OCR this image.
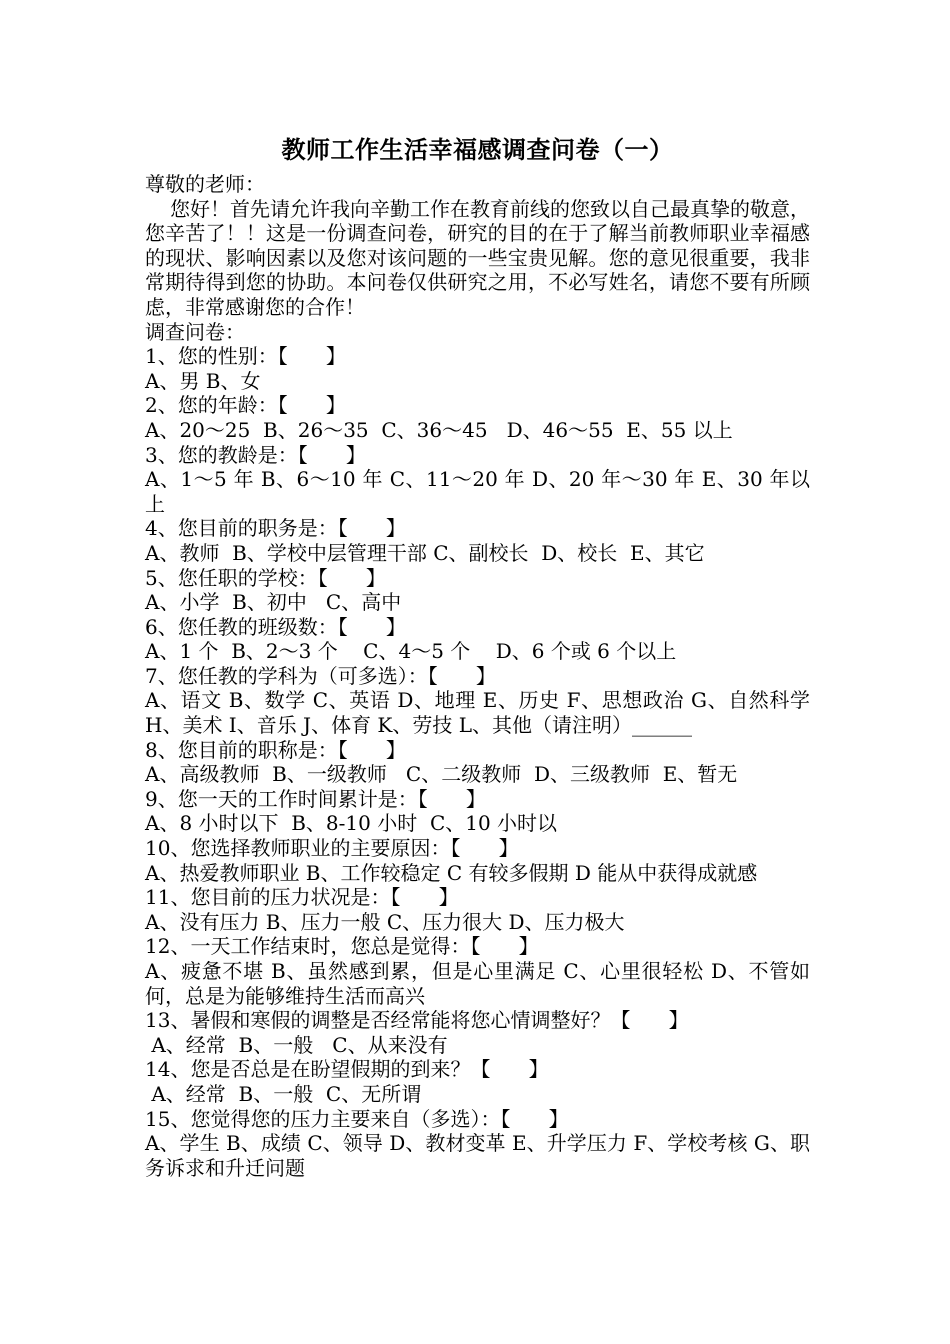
教师工作生活幸福感调查问卷（一）
尊敬的老师：
您好！首先请允许我向辛勤工作在教育前线的您致以自己最真挚的敬意，您辛苦了！！这是一份调查问卷，研究的目的在于了解当前教师职业幸福感的现状、影响因素以及您对该问题的一些宝贵见解。您的意见很重要，我非常期待得到您的协助。本问卷仅供研究之用，不必写姓名，请您不要有所顾虑，非常感谢您的合作！
调查问卷：
1、您的性别：【      】
A、男 B、女
2、您的年龄：【      】
A、20～25  B、26～35  C、36～45   D、46～55  E、55 以上
3、您的教龄是：【      】
A、1～5 年 B、6～10 年 C、11～20 年 D、20 年～30 年 E、30 年以上
4、您目前的职务是：【      】
A、教师  B、学校中层管理干部 C、副校长  D、校长  E、其它
5、您任职的学校：【      】
A、小学  B、初中   C、高中
6、您任教的班级数：【      】
A、1 个  B、2～3 个    C、4～5 个    D、6 个或 6 个以上
7、您任教的学科为（可多选）：【      】
A、语文 B、数学 C、英语 D、地理 E、历史 F、思想政治 G、自然科学 H、美术 I、音乐 J、体育 K、劳技 L、其他（请注明）______
8、您目前的职称是：【      】
A、高级教师  B、一级教师   C、二级教师  D、三级教师  E、暂无
9、您一天的工作时间累计是：【      】
A、8 小时以下  B、8-10 小时  C、10 小时以
10、您选择教师职业的主要原因：【      】
A、热爱教师职业 B、工作较稳定 C 有较多假期 D 能从中获得成就感
11、您目前的压力状况是：【      】
A、没有压力 B、压力一般 C、压力很大 D、压力极大
12、一天工作结束时，您总是觉得：【      】
A、疲惫不堪 B、虽然感到累，但是心里满足 C、心里很轻松 D、不管如何，总是为能够维持生活而高兴
13、暑假和寒假的调整是否经常能将您心情调整好？【      】
A、经常  B、一般   C、从来没有
14、您是否总是在盼望假期的到来？【      】
A、经常  B、一般  C、无所谓
15、您觉得您的压力主要来自（多选）：【      】
A、学生 B、成绩 C、领导 D、教材变革 E、升学压力 F、学校考核 G、职务诉求和升迁问题
